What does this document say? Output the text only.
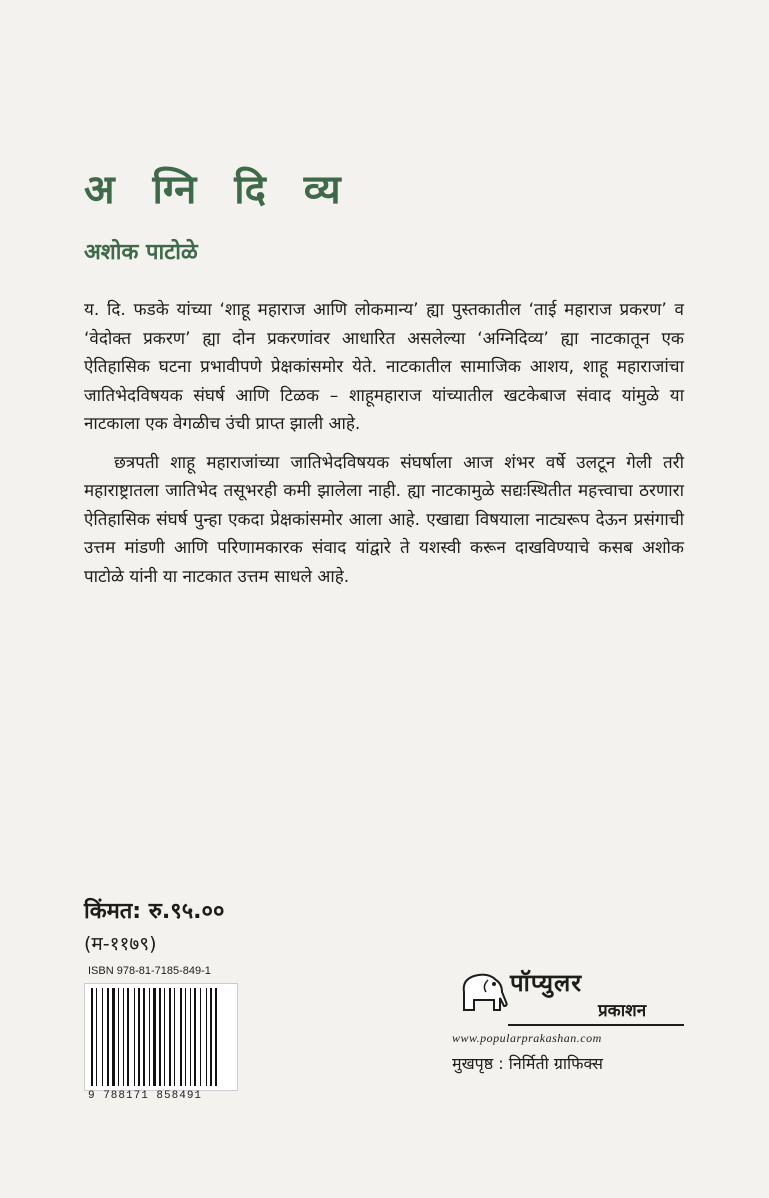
अ ग्नि दि व्य
अशोक पाटोळे

य. दि. फडके यांच्या ‘शाहू महाराज आणि लोकमान्य’ ह्या पुस्तकातील ‘ताई महाराज प्रकरण’ व ‘वेदोक्त प्रकरण’ ह्या दोन प्रकरणांवर आधारित असलेल्या ‘अग्निदिव्य’ ह्या नाटकातून एक ऐतिहासिक घटना प्रभावीपणे प्रेक्षकांसमोर येते. नाटकातील सामाजिक आशय, शाहू महाराजांचा जातिभेदविषयक संघर्ष आणि टिळक – शाहूमहाराज यांच्यातील खटकेबाज संवाद यांमुळे या नाटकाला एक वेगळीच उंची प्राप्त झाली आहे.

छत्रपती शाहू महाराजांच्या जातिभेदविषयक संघर्षाला आज शंभर वर्षे उलटून गेली तरी महाराष्ट्रातला जातिभेद तसूभरही कमी झालेला नाही. ह्या नाटकामुळे सद्यःस्थितीत महत्त्वाचा ठरणारा ऐतिहासिक संघर्ष पुन्हा एकदा प्रेक्षकांसमोर आला आहे. एखाद्या विषयाला नाट्यरूप देऊन प्रसंगाची उत्तम मांडणी आणि परिणामकारक संवाद यांद्वारे ते यशस्वी करून दाखविण्याचे कसब अशोक पाटोळे यांनी या नाटकात उत्तम साधले आहे.

किंमत: रु.९५.००
(म-११७९)
ISBN 978-81-7185-849-1
9 788171 858491
पॉप्युलर
प्रकाशन
www.popularprakashan.com
मुखपृष्ठ : निर्मिती ग्राफिक्स
